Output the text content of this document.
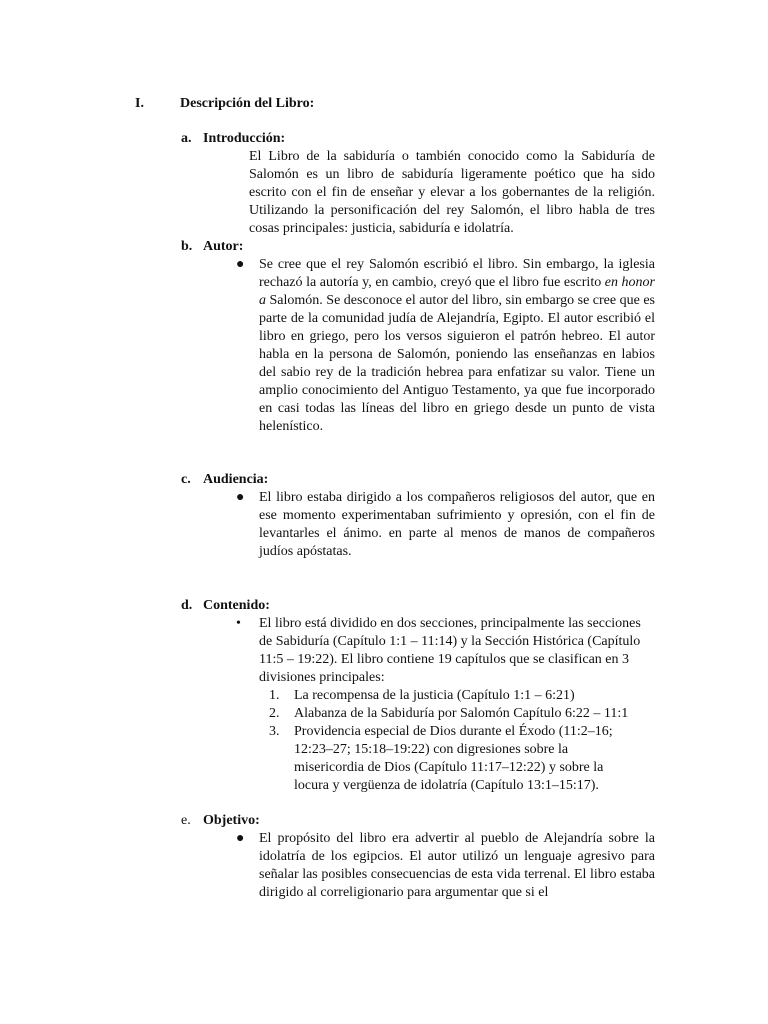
I.	Descripción del Libro:
a. Introducción:

El Libro de la sabiduría o también conocido como la Sabiduría de Salomón es un libro de sabiduría ligeramente poético que ha sido escrito con el fin de enseñar y elevar a los gobernantes de la religión. Utilizando la personificación del rey Salomón, el libro habla de tres cosas principales: justicia, sabiduría e idolatría.

b. Autor:
●	Se cree que el rey Salomón escribió el libro. Sin embargo, la iglesia rechazó la autoría y, en cambio, creyó que el libro fue escrito en honor a Salomón. Se desconoce el autor del libro, sin embargo se cree que es parte de la comunidad judía de Alejandría, Egipto. El autor escribió el libro en griego, pero los versos siguieron el patrón hebreo. El autor habla en la persona de Salomón, poniendo las enseñanzas en labios del sabio rey de la tradición hebrea para enfatizar su valor. Tiene un amplio conocimiento del Antiguo Testamento, ya que fue incorporado en casi todas las líneas del libro en griego desde un punto de vista helenístico.
c. Audiencia:
●	El libro estaba dirigido a los compañeros religiosos del autor, que en ese momento experimentaban sufrimiento y opresión, con el fin de levantarles el ánimo. en parte al menos de manos de compañeros judíos apóstatas.
d. Contenido:
•	El libro está dividido en dos secciones, principalmente las secciones de Sabiduría (Capítulo 1:1 – 11:14) y la Sección Histórica (Capítulo 11:5 – 19:22). El libro contiene 19 capítulos que se clasifican en 3 divisiones principales:
1. La recompensa de la justicia (Capítulo 1:1 – 6:21)
2. Alabanza de la Sabiduría por Salomón Capítulo 6:22 – 11:1
3. Providencia especial de Dios durante el Éxodo (11:2–16; 12:23–27; 15:18–19:22) con digresiones sobre la misericordia de Dios (Capítulo 11:17–12:22) y sobre la locura y vergüenza de idolatría (Capítulo 13:1–15:17).
e. Objetivo:
●	El propósito del libro era advertir al pueblo de Alejandría sobre la idolatría de los egipcios. El autor utilizó un lenguaje agresivo para señalar las posibles consecuencias de esta vida terrenal. El libro estaba dirigido al correligionario para argumentar que si el
